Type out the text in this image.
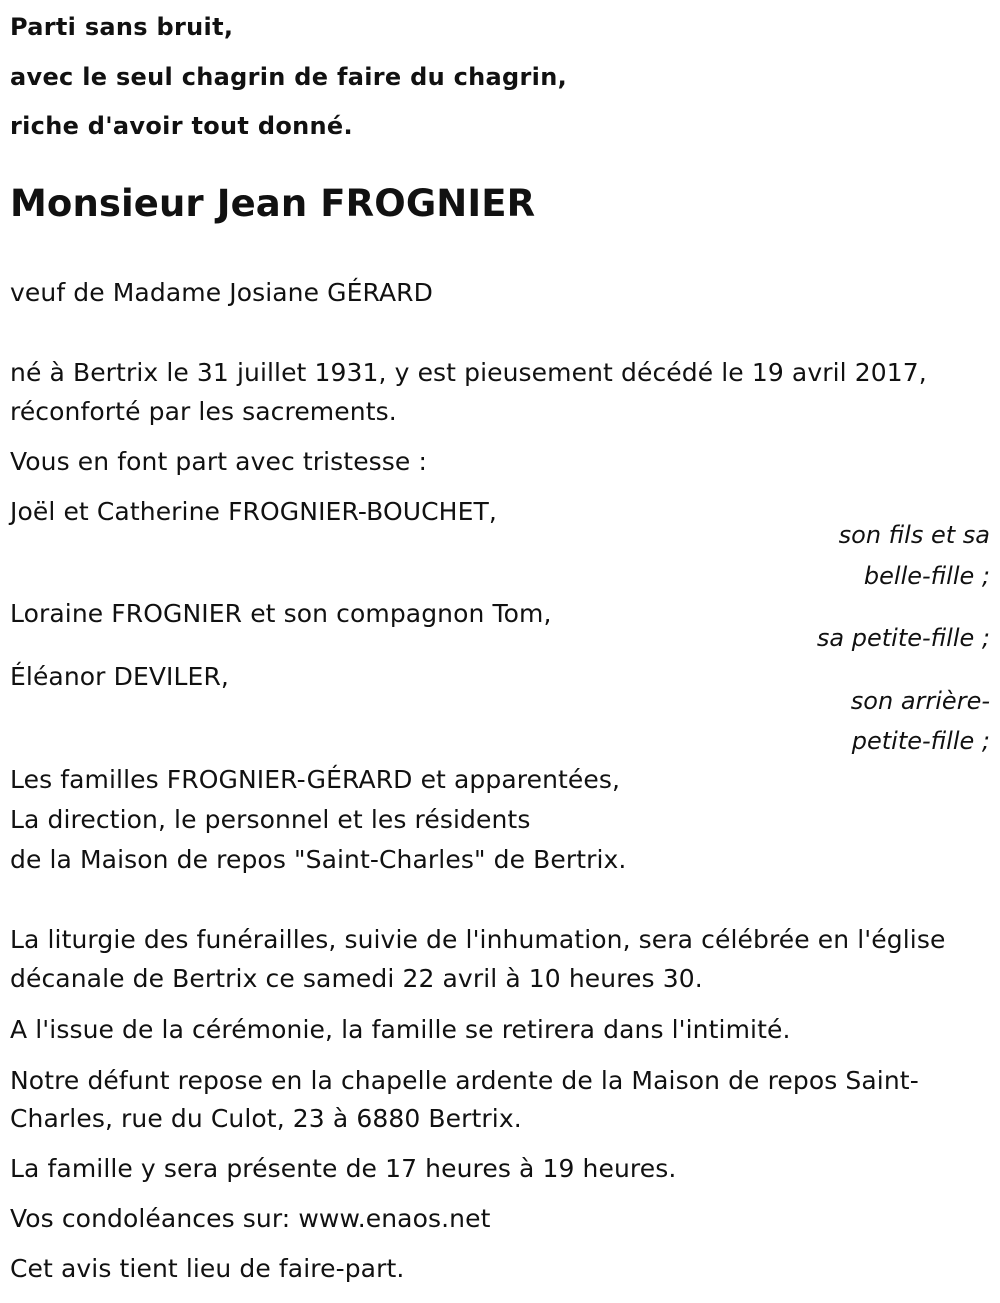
Parti sans bruit,
avec le seul chagrin de faire du chagrin,
riche d'avoir tout donné.
Monsieur Jean FROGNIER
veuf de Madame Josiane GÉRARD
né à Bertrix le 31 juillet 1931, y est pieusement décédé le 19 avril 2017,
réconforté par les sacrements.
Vous en font part avec tristesse :
Joël et Catherine FROGNIER-BOUCHET,
son fils et sa
belle-fille ;
Loraine FROGNIER et son compagnon Tom,
sa petite-fille ;
Éléanor DEVILER,
son arrière-
petite-fille ;
Les familles FROGNIER-GÉRARD et apparentées,
La direction, le personnel et les résidents
de la Maison de repos "Saint-Charles" de Bertrix.
La liturgie des funérailles, suivie de l'inhumation, sera célébrée en l'église
décanale de Bertrix ce samedi 22 avril à 10 heures 30.
A l'issue de la cérémonie, la famille se retirera dans l'intimité.
Notre défunt repose en la chapelle ardente de la Maison de repos Saint-
Charles, rue du Culot, 23 à 6880 Bertrix.
La famille y sera présente de 17 heures à 19 heures.
Vos condoléances sur: www.enaos.net
Cet avis tient lieu de faire-part.
